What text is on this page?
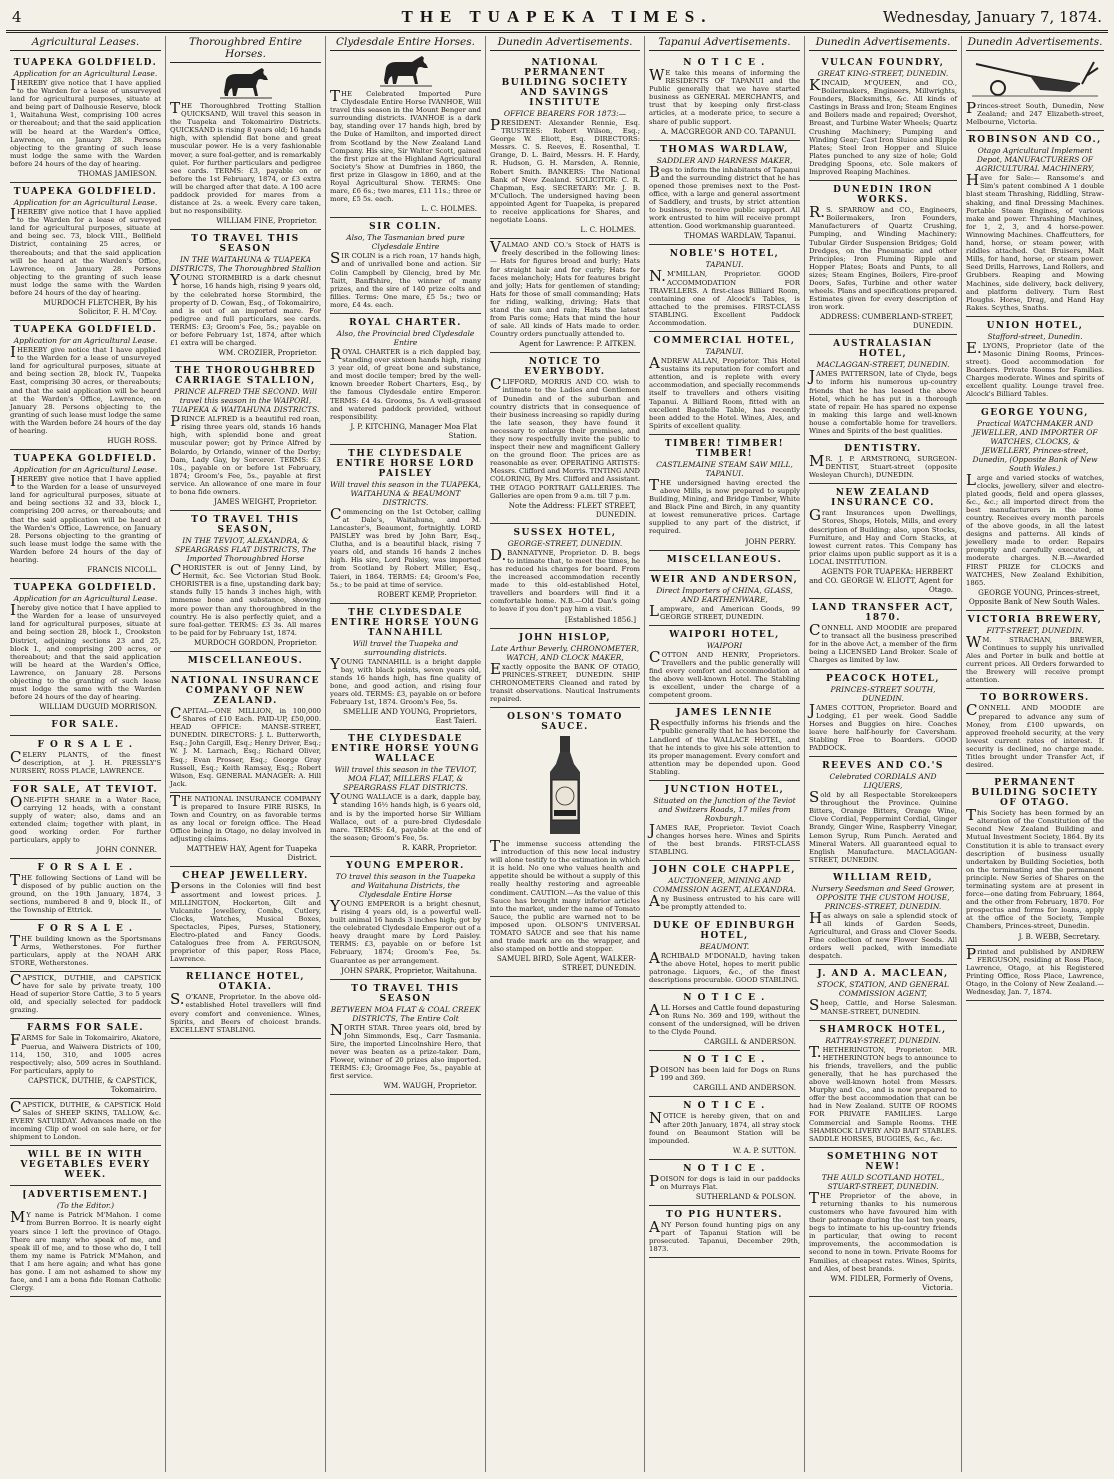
4	THE TUAPEKA TIMES.	Wednesday, January 7, 1874.
Agricultural Leases.
TUAPEKA GOLDFIELD.
Application for an Agricultural Lease.

IHEREBY give notice that I have applied to the Warden for a lease of unsurveyed land for agricultural purposes, situate at and being part of Dalhousie Reserve, block 1, Waitahuna West, comprising 100 acres or thereabout; and that the said application will be heard at the Warden's Office, Lawrence, on January 28. Persons objecting to the granting of such lease must lodge the same with the Warden before 24 hours of the day of hearing.

THOMAS JAMIESON.
TUAPEKA GOLDFIELD.
Application for an Agricultural Lease.

IHEREBY give notice that I have applied to the Warden for a lease of surveyed land for agricultural purposes, situate at and being sec. 73, block VIII., Bellfield District, containing 25 acres, or thereabouts; and that the said application will be heard at the Warden's Office, Lawrence, on January 28. Persons objecting to the granting of such lease must lodge the same with the Warden before 24 hours of the day of hearing.

MURDOCH FLETCHER, By his Solicitor, F. H. M'Coy.
TUAPEKA GOLDFIELD.
Application for an Agricultural Lease.

IHEREBY give notice that I have applied to the Warden for a lease of unsurveyed land for agricultural purposes, situate at and being section 28, block IV., Tuapeka East, comprising 30 acres, or thereabouts; and that the said application will be heard at the Warden's Office, Lawrence, on January 28. Persons objecting to the granting of such lease must lodge the same with the Warden before 24 hours of the day of hearing.

HUGH ROSS.
TUAPEKA GOLDFIELD.
Application for an Agricultural Lease.

IHEREBY give notice that I have applied to the Warden for a lease of unsurveyed land for agricultural purposes, situate at and being sections 32 and 33, block I., comprising 200 acres, or thereabouts; and that the said application will be heard at the Warden's Office, Lawrence, on January 28. Persons objecting to the granting of such lease must lodge the same with the Warden before 24 hours of the day of hearing.

FRANCIS NICOLL.
TUAPEKA GOLDFIELD.
Application for an Agricultural Lease.

Ihereby give notice that I have applied to the Warden for a lease of unsurveyed land for agricultural purposes, situate at and being section 28, block I., Crookston District, adjoining sections 23 and 25, block I., and comprising 200 acres, or thereabout; and that the said application will be heard at the Warden's Office, Lawrence, on January 28. Persons objecting to the granting of such lease must lodge the same with the Warden before 24 hours of the day of hearing.

WILLIAM DUGUID MORRISON.
FOR SALE.
F O R S A L E .

CELERY PLANTS, of the finest description, at J. H. PRESSLY'S NURSERY, ROSS PLACE, LAWRENCE.

FOR SALE, AT TEVIOT.

ONE-FIFTH SHARE in a Water Race, carrying 12 heads, with a constant supply of water; also, dams and an extended claim; together with plant, in good working order. For further particulars, apply to

JOHN CONNER.
F O R S A L E .

THE following Sections of Land will be disposed of by public auction on the ground, on the 19th January, 1874, 3 sections, numbered 8 and 9, block II., of the Township of Ettrick.

F O R S A L E .

THE building known as the Sportsmans Arms, Wetherstones. For further particulars, apply at the NOAH ARK STORE, Wetherstones.

CAPSTICK, DUTHIE, and CAPSTICK have for sale by private treaty, 100 Head of superior Store Cattle, 3 to 5 years old, and specially selected for paddock grazing.

FARMS FOR SALE.

FARMS for Sale in Tokomairiro, Akatore, Puerua, and Waiwera Districts of 100, 114, 150, 310, and 1005 acres respectively; also, 509 acres in Southland. For particulars, apply to

CAPSTICK, DUTHIE, & CAPSTICK, Tokomairiro.

CAPSTICK, DUTHIE, & CAPSTICK Hold Sales of SHEEP SKINS, TALLOW, &c. EVERY SATURDAY. Advances made on the incoming Clip of wool on sale here, or for shipment to London.

WILL BE IN WITH VEGETABLES EVERY WEEK.
[ADVERTISEMENT.]
(To the Editor.)

MY name is Patrick M'Mahon. I come from Burren Borroo. It is nearly eight years since I left the province of Otago. There are many who speak of me, and speak ill of me, and to those who do, I tell them my name is Patrick M'Mahon, and that I am here again; and what has gone has gone. I am not ashamed to show my face, and I am a bona fide Roman Catholic Clergy.

Thoroughbred Entire Horses.

THE Thoroughbred Trotting Stallion QUICKSAND, Will travel this season in the Tuapeka and Tokomairiro Districts. QUICKSAND is rising 8 years old; 16 hands high, with splendid flat bone and great muscular power. He is a very fashionable mover, a sure foal-getter, and is remarkably quiet. For further particulars and pedigree see cards. TERMS: £3, payable on or before the 1st February, 1874, or £3 extra will be charged after that date. A 100 acre paddock provided for mares from a distance at 2s. a week. Every care taken, but no responsibility.

WILLIAM FINE, Proprietor.
TO TRAVEL THIS SEASON
IN THE WAITAHUNA & TUAPEKA DISTRICTS, The Thoroughbred Stallion

YOUNG STORMBIRD is a dark chesnut horse, 16 hands high, rising 9 years old, by the celebrated horse Stormbird, the property of D. Cowan, Esq., of Tokomairiro, and is out of an imported mare. For pedigree and full particulars, see cards. TERMS: £3; Groom's Fee, 5s.; payable on or before February 1st, 1874, after which £1 extra will be charged.

WM. CROZIER, Proprietor.
THE THOROUGHBRED CARRIAGE STALLION,
PRINCE ALFRED THE SECOND. Will travel this season in the WAIPORI, TUAPEKA & WAITAHUNA DISTRICTS.

PRINCE ALFRED is a beautiful red roan, rising three years old, stands 16 hands high, with splendid bone and great muscular power; got by Prince Alfred by Bolardo, by Orlando, winner of the Derby; Dam, Lady Gay, by Sorcerer. TERMS: £3 10s., payable on or before 1st February, 1874; Groom's Fee, 5s., payable at first service. An allowance of one mare in four to bona fide owners.

JAMES WEIGHT, Proprietor.
TO TRAVEL THIS SEASON,
IN THE TEVIOT, ALEXANDRA, & SPEARGRASS FLAT DISTRICTS, The Imported Thoroughbred Horse

CHORISTER is out of Jenny Lind, by Hermit, &c. See Victorian Stud Book. CHORISTER is a fine, upstanding dark bay; stands fully 15 hands 3 inches high, with immense bone and substance, showing more power than any thoroughbred in the country. He is also perfectly quiet, and a sure foal-getter. TERMS: £3 3s. All mares to be paid for by February 1st, 1874.

MURDOCH GORDON, Proprietor.
MISCELLANEOUS.
NATIONAL INSURANCE COMPANY OF NEW ZEALAND.

CAPITAL—ONE MILLION, in 100,000 Shares of £10 Each. PAID-UP, £50,000. HEAD OFFICE: MANSE-STREET, DUNEDIN. DIRECTORS: J. L. Butterworth, Esq.; John Cargill, Esq.; Henry Driver, Esq.; W. J. M. Larnach, Esq.; Richard Oliver, Esq.; Evan Prosser, Esq.; George Gray Russell, Esq.; Keith Ramsay, Esq.; Robert Wilson, Esq. GENERAL MANAGER: A. Hill Jack.

THE NATIONAL INSURANCE COMPANY is prepared to Insure FIRE RISKS, In Town and Country, on as favorable terms as any local or foreign office. The Head Office being in Otago, no delay involved in adjusting claims.

MATTHEW HAY, Agent for Tuapeka District.
CHEAP JEWELLERY.

Persons in the Colonies will find best assortment and lowest prices. J. MILLINGTON, Hockerton, Gilt and Vulcanite Jewellery, Combs, Cutlery, Clocks, Watches, Musical Boxes, Spectacles, Pipes, Purses, Stationery, Electro-plated and Fancy Goods. Catalogues free from A. FERGUSON, proprietor of this paper, Ross Place, Lawrence.

RELIANCE HOTEL, OTAKIA.

S.O'KANE, Proprietor. In the above old-established Hotel travellers will find every comfort and convenience. Wines, Spirits, and Beers of choicest brands. EXCELLENT STABLING.

Clydesdale Entire Horses.

THE Celebrated Imported Pure Clydesdale Entire Horse IVANHOE, Will travel this season in the Mount Benger and surrounding districts. IVANHOE is a dark bay, standing over 17 hands high, bred by the Duke of Hamilton, and imported direct from Scotland by the New Zealand Land Company. His sire, Sir Walter Scott, gained the first prize at the Highland Agricultural Society's Show at Dumfries in 1860, the first prize in Glasgow in 1860, and at the Royal Agricultural Show. TERMS: One mare, £6 6s.; two mares, £11 11s.; three or more, £5 5s. each.

L. C. HOLMES.
SIR COLIN.
Also, The Tasmanian bred pure Clydesdale Entire

SIR COLIN is a rich roan, 17 hands high, and of unrivalled bone and action. Sir Colin Campbell by Glencig, bred by Mr. Taitt, Banffshire, the winner of many prizes, and the sire of 140 prize colts and fillies. Terms: One mare, £5 5s.; two or more, £4 4s. each.

ROYAL CHARTER.
Also, the Provincial bred Clydesdale Entire

ROYAL CHARTER is a rich dappled bay, standing over sixteen hands high, rising 3 year old, of great bone and substance, and most docile temper; bred by the well-known breeder Robert Charters, Esq., by the famous Clydesdale entire Emperor. TERMS: £4 4s. Grooms, 5s. A well-grassed and watered paddock provided, without responsibility.

J. P. KITCHING, Manager Moa Flat Station.
THE CLYDESDALE ENTIRE HORSE LORD PAISLEY
Will travel this season in the TUAPEKA, WAITAHUNA & BEAUMONT DISTRICTS.

Commencing on the 1st October, calling at Dale's, Waitahuna, and M. Lancaster's, Beaumont, fortnightly. LORD PAISLEY was bred by John Barr, Esq., Clutha, and is a beautiful black, rising 7 years old, and stands 16 hands 2 inches high. His sire, Lord Paisley, was imported from Scotland by Robert Miller, Esq., Taieri, in 1864. TERMS: £4; Groom's Fee, 5s.; to be paid at time of service.

ROBERT KEMP, Proprietor.
THE CLYDESDALE ENTIRE HORSE YOUNG TANNAHILL
Will travel the Tuapeka and surrounding districts.

YOUNG TANNAHILL is a bright dapple bay, with black points, seven years old, stands 16 hands high, has fine quality of bone, and good action, and rising four years old. TERMS: £3, payable on or before February 1st, 1874. Groom's Fee, 5s.

SMELLIE AND YOUNG, Proprietors, East Taieri.
THE CLYDESDALE ENTIRE HORSE YOUNG WALLACE
Will travel this season in the TEVIOT, MOA FLAT, MILLERS FLAT, & SPEARGRASS FLAT DISTRICTS.

YOUNG WALLACE is a dark, dapple bay, standing 16½ hands high, is 6 years old, and is by the imported horse Sir William Wallace, out of a pure-bred Clydesdale mare. TERMS: £4, payable at the end of the season; Groom's Fee, 5s.

R. KARR, Proprietor.
YOUNG EMPEROR.
TO travel this season in the Tuapeka and Waitahuna Districts, the Clydesdale Entire Horse

YOUNG EMPEROR is a bright chesnut, rising 4 years old, is a powerful well-built animal 16 hands 3 inches high; got by the celebrated Clydesdale Emperor out of a heavy draught mare by Lord Paisley. TERMS: £3, payable on or before 1st February, 1874; Groom's Fee, 5s. Guarantee as per arrangement.

JOHN SPARK, Proprietor, Waitahuna.
TO TRAVEL THIS SEASON
BETWEEN MOA FLAT & COAL CREEK DISTRICTS, The Entire Colt

NORTH STAR. Three years old, bred by John Simmonds, Esq., Carr Tasmania. Sire, the imported Lincolnshire Hero, that never was beaten as a prize-taker. Dam, Flower, winner of 20 prizes also imported. TERMS: £3; Groomage Fee, 5s., payable at first service.

WM. WAUGH, Proprietor.
Dunedin Advertisements.
NATIONAL PERMANENT BUILDING SOCIETY AND SAVINGS INSTITUTE
OFFICE BEARERS FOR 1873:—

PRESIDENT: Alexander Rennie, Esq. TRUSTEES: Robert Wilson, Esq.; George W. Eliott, Esq. DIRECTORS: Messrs. C. S. Reeves, E. Rosenthal, T. Grange, D. L. Baird, Messrs. H. F. Hardy, R. Hudson, G. H. Marsden, A. Rennie, Robert Smith. BANKERS: The National Bank of New Zealand. SOLICITOR: C. R. Chapman, Esq. SECRETARY: Mr. J. B. M'Culloch. The undersigned having been appointed Agent for Tuapeka, is prepared to receive applications for Shares, and negotiate Loans.

L. C. HOLMES.

VALMAO AND CO.'s Stock of HATS is freely described in the following lines:— Hats for figures broad and burly; Hats for straight hair and for curly; Hats for faces melancholy; Hats for features bright and jolly; Hats for gentlemen of standing; Hats for those of small commanding; Hats for riding, walking, driving; Hats that stand the sun and rain; Hats the latest from Paris come; Hats that mind the hour of sale. All kinds of Hats made to order. Country orders punctually attended to.

Agent for Lawrence: P. AITKEN.
NOTICE TO EVERYBODY.

CLIFFORD, MORRIS AND CO. wish to intimate to the Ladies and Gentlemen of Dunedin and of the suburban and country districts that in consequence of their business increasing so rapidly during the late season, they have found it necessary to enlarge their premises, and they now respectfully invite the public to inspect their new and magnificent Gallery on the ground floor. The prices are as reasonable as ever. OPERATING ARTISTS: Messrs. Clifford and Morris. TINTING AND COLORING, By Mrs. Clifford and Assistant. THE OTAGO PORTRAIT GALLERIES. The Galleries are open from 9 a.m. till 7 p.m.

Note the Address: FLEET STREET, DUNEDIN.
SUSSEX HOTEL,
GEORGE-STREET, DUNEDIN.

D.BANNATYNE, Proprietor. D. B. begs to intimate that, to meet the times, he has reduced his charges for board. From the increased accommodation recently made to this old-established Hotel, travellers and boarders will find it a comfortable home. N.B.—Old Dan's going to leave if you don't pay him a visit.

[Established 1856.]
JOHN HISLOP,
Late Arthur Beverly, CHRONOMETER, WATCH, AND CLOCK MAKER,

Exactly opposite the BANK OF OTAGO, PRINCES-STREET, DUNEDIN. SHIP CHRONOMETERS Cleaned and rated by transit observations. Nautical Instruments repaired.

OLSON'S TOMATO SAUCE.

The immense success attending the introduction of this new local industry will alone testify to the estimation in which it is held. No one who values health and appetite should be without a supply of this really healthy restoring and agreeable condiment. CAUTION.—As the value of this Sauce has brought many inferior articles into the market, under the name of Tomato Sauce, the public are warned not to be imposed upon. OLSON'S UNIVERSAL TOMATO SAUCE and see that his name and trade mark are on the wrapper, and also stamped on bottle and stopper.

SAMUEL BIRD, Sole Agent, WALKER-STREET, DUNEDIN.
Tapanui Advertisements.
N O T I C E .

WE take this means of informing the RESIDENTS OF TAPANUI and the Public generally that we have started business as GENERAL MERCHANTS, and trust that by keeping only first-class articles, at a moderate price, to secure a share of public support.

A. MACGREGOR AND CO. TAPANUI.
THOMAS WARDLAW,
SADDLER AND HARNESS MAKER,

Begs to inform the inhabitants of Tapanui and the surrounding district that he has opened those premises next to the Post-office, with a large and general assortment of Saddlery, and trusts, by strict attention to business, to receive public support. All work entrusted to him will receive prompt attention. Good workmanship guaranteed.

THOMAS WARDLAW, Tapanui.
NOBLE'S HOTEL,
TAPANUI.

N.M'MILLAN, Proprietor. GOOD ACCOMMODATION FOR TRAVELLERS. A first-class Billiard Room, containing one of Alcock's Tables, is attached to the premises. FIRST-CLASS STABLING. Excellent Paddock Accommodation.

COMMERCIAL HOTEL,
TAPANUI.

ANDREW ALLAN, Proprietor. This Hotel sustains its reputation for comfort and attention, and is replete with every accommodation, and specially recommends itself to travellers and others visiting Tapanui. A Billiard Room, fitted with an excellent Bagatelle Table, has recently been added to the Hotel. Wines, Ales, and Spirits of excellent quality.

TIMBER! TIMBER! TIMBER!
CASTLEMAINE STEAM SAW MILL, TAPANUI.

THE undersigned having erected the above Mills, is now prepared to supply Building, Mining, and Bridge Timber, White and Black Pine and Birch, in any quantity at lowest remunerative prices. Cartage supplied to any part of the district, if required.

JOHN PERRY.
MISCELLANEOUS.
WEIR AND ANDERSON,
Direct Importers of CHINA, GLASS, AND EARTHENWARE,

Lampware, and American Goods, 99 GEORGE STREET, DUNEDIN.

WAIPORI HOTEL,
WAIPORI

COTTON AND HENRY, Proprietors. Travellers and the public generally will find every comfort and accommodation at the above well-known Hotel. The Stabling is excellent, under the charge of a competent groom.

JAMES LENNIE

Respectfully informs his friends and the public generally that he has become the Landlord of the WALLACE HOTEL, and that he intends to give his sole attention to its proper management. Every comfort and attention may be depended upon. Good Stabling.

JUNCTION HOTEL,
Situated on the Junction of the Teviot and Switzers Roads, 17 miles from Roxburgh.

JAMES RAE, Proprietor. Teviot Coach changes horses here. Wines and Spirits of the best brands. FIRST-CLASS STABLING.

JOHN COLE CHAPPLE,
AUCTIONEER, MINING AND COMMISSION AGENT, ALEXANDRA.

Any Business entrusted to his care will be promptly attended to.

DUKE OF EDINBURGH HOTEL,
BEAUMONT.

ARCHIBALD M'DONALD, having taken the above Hotel, hopes to merit public patronage. Liquors, &c., of the finest descriptions procurable. GOOD STABLING.

N O T I C E .

ALL Horses and Cattle found depasturing on Runs No. 369 and 199, without the consent of the undersigned, will be driven to the Clyde Pound.

CARGILL & ANDERSON.
N O T I C E .

POISON has been laid for Dogs on Runs 199 and 369.

CARGILL AND ANDERSON.
N O T I C E .

NOTICE is hereby given, that on and after 20th January, 1874, all stray stock found on Beaumont Station will be impounded.

W. A. P. SUTTON.
N O T I C E .

POISON for dogs is laid in our paddocks on Murrays Flat.

SUTHERLAND & POLSON.
TO PIG HUNTERS.

ANY Person found hunting pigs on any part of Tapanui Station will be prosecuted. Tapanui, December 29th, 1873.

Dunedin Advertisements.
VULCAN FOUNDRY,
GREAT KING-STREET, DUNEDIN.

KINCAID, M'QUEEN, and CO., Boilermakers, Engineers, Millwrights, Founders, Blacksmiths, &c. All kinds of Castings in Brass and Iron; Steam Engines and Boilers made and repaired; Overshot, Breast, and Turbine Water Wheels; Quartz Crushing Machinery; Pumping and Winding Gear; Cast Iron Sluice and Ripple Plates; Steel Iron Hopper and Sluice Plates punched to any size of hole; Gold Dredging Spoons, etc. Sole makers of Improved Reaping Machines.

DUNEDIN IRON WORKS.

R.S. SPARROW and CO., Engineers, Boilermakers, Iron Founders, Manufacturers of Quartz Crushing, Pumping, and Winding Machinery; Tubular Girder Suspension Bridges; Gold Dredges, on the Pneumatic and other Principles; Iron Fluming Ripple and Hopper Plates; Boats and Punts, to all sizes; Steam Engines, Boilers, Fire-proof Doors, Safes, Turbine and other water wheels. Plans and specifications prepared. Estimates given for every description of iron work.

ADDRESS: CUMBERLAND-STREET, DUNEDIN.
AUSTRALASIAN HOTEL,
MACLAGGAN-STREET, DUNEDIN.

JAMES PATTERSON, late of Clyde, begs to inform his numerous up-country friends that he has leased the above Hotel, which he has put in a thorough state of repair. He has spared no expense in making this large and well-known house a comfortable home for travellers. Wines and Spirits of the best qualities.

DENTISTRY.

MR. J. P. ARMSTRONG, SURGEON-DENTIST, Stuart-street (opposite Wesleyan Church), DUNEDIN.

NEW ZEALAND INSURANCE CO.

Grant Insurances upon Dwellings, Stores, Shops, Hotels, Mills, and every description of Building; also, upon Stocks, Furniture, and Hay and Corn Stacks, at lowest current rates. This Company has prior claims upon public support as it is a LOCAL INSTITUTION.

AGENTS FOR TUAPEKA: HERBERT and CO. GEORGE W. ELIOTT, Agent for Otago.
LAND TRANSFER ACT, 1870.

CONNELL AND MOODIE are prepared to transact all the business prescribed for in the above Act, a member of the firm being a LICENSED Land Broker. Scale of Charges as limited by law.

PEACOCK HOTEL,
PRINCES-STREET SOUTH, DUNEDIN.

JAMES COTTON, Proprietor. Board and Lodging, £1 per week. Good Saddle Horses and Buggies on hire. Coaches leave here half-hourly for Caversham. Stabling Free to Boarders. GOOD PADDOCK.

REEVES AND CO.'S
Celebrated CORDIALS AND LIQUERS,

Sold by all Respectable Storekeepers throughout the Province. Quinine Bitters, Orange Bitters, Orange Wine, Clove Cordial, Peppermint Cordial, Ginger Brandy, Ginger Wine, Raspberry Vinegar, Lemon Syrup, Rum Punch. Aerated and Mineral Waters. All guaranteed equal to English Manufacture. MACLAGGAN-STREET, DUNEDIN.

WILLIAM REID,
Nursery Seedsman and Seed Grower, OPPOSITE THE CUSTOM HOUSE, PRINCES-STREET, DUNEDIN.

Has always on sale a splendid stock of all kinds of Garden Seeds, Agricultural, and Grass and Clover Seeds. Fine collection of new Flower Seeds. All orders well packed, with immediate despatch.

J. AND A. MACLEAN,
STOCK, STATION, AND GENERAL COMMISSION AGENT,

Sheep, Cattle, and Horse Salesman. MANSE-STREET, DUNEDIN.

SHAMROCK HOTEL,
RATTRAY-STREET, DUNEDIN.

T.HETHERINGTON, Proprietor. MR. HETHERINGTON begs to announce to his friends, travellers, and the public generally, that he has purchased the above well-known hotel from Messrs. Murphy and Co., and is now prepared to offer the best accommodation that can be had in New Zealand. SUITE OF ROOMS FOR PRIVATE FAMILIES. Large Commercial and Sample Rooms. THE SHAMROCK LIVERY AND BAIT STABLES. SADDLE HORSES, BUGGIES, &c., &c.

SOMETHING NOT NEW!
THE AULD SCOTLAND HOTEL, STUART-STREET, DUNEDIN.

THE Proprietor of the above, in returning thanks to his numerous customers who have favoured him with their patronage during the last ten years, begs to intimate to his up-country friends in particular, that owing to recent improvements, the accommodation is second to none in town. Private Rooms for Families, at cheapest rates. Wines, Spirits, and Ales, of best brands.

WM. FIDLER, Formerly of Ovens, Victoria.
Dunedin Advertisements.

Princes-street South, Dunedin, New Zealand; and 247 Elizabeth-street, Melbourne, Victoria.

ROBINSON AND CO.,
Otago Agricultural Implement Depot, MANUFACTURERS OF AGRICULTURAL MACHINERY,

Have for Sale:— Ransome's and Sim's patent combined A 1 double blast steam Thrashing, Riddling, Straw-shaking, and final Dressing Machines. Portable Steam Engines, of various make and power. Thrashing Machines, for 1, 2, 3, and 4 horse-power. Winnowing Machines. Chaffcutters, for hand, horse, or steam power, with riddles attached. Oat Bruisers, Malt Mills, for hand, horse, or steam power. Seed Drills, Harrows, Land Rollers, and Grubbers. Reaping and Mowing Machines, side delivery, back delivery, and platform delivery. Turn Rest Ploughs. Horse, Drag, and Hand Hay Rakes. Scythes, Snaths.

UNION HOTEL,
Stafford-street, Dunedin.

E.LYONS, Proprietor (late of the Masonic Dining Rooms, Princes-street). Good accommodation for Boarders. Private Rooms for Families. Charges moderate. Wines and spirits of excellent quality. Lounge travel free. Alcock's Billiard Tables.

GEORGE YOUNG,
Practical WATCHMAKER AND JEWELLER, AND IMPORTER OF WATCHES, CLOCKS, & JEWELLERY, Princes-street, Dunedin, (Opposite Bank of New South Wales.)

Large and varied stocks of watches, clocks, jewellery, silver and electro-plated goods, field and opera glasses, &c., &c.; all imported direct from the best manufacturers in the home country. Receives every month parcels of the above goods, in all the latest designs and patterns. All kinds of jewellery made to order. Repairs promptly and carefully executed, at moderate charges. N.B.—Awarded FIRST PRIZE for CLOCKS and WATCHES, New Zealand Exhibition, 1865.

GEORGE YOUNG, Princes-street, Opposite Bank of New South Wales.
VICTORIA BREWERY,
FITT-STREET, DUNEDIN.

WM. STRACHAN, BREWER, Continues to supply his unrivalled Ales and Porter in bulk and bottle at current prices. All Orders forwarded to the Brewery will receive prompt attention.

TO BORROWERS.

CONNELL AND MOODIE are prepared to advance any sum of Money, from £100 upwards, on approved freehold security, at the very lowest current rates of interest. If security is declined, no charge made. Titles brought under Transfer Act, if desired.

PERMANENT BUILDING SOCIETY OF OTAGO.

This Society has been formed by an alteration of the Constitution of the Second New Zealand Building and Mutual Investment Society, 1864. By its Constitution it is able to transact every description of business usually undertaken by Building Societies, both on the terminating and the permanent principle. New Series of Shares on the terminating system are at present in force—one dating from February, 1864, and the other from February, 1870. For prospectus and forms for loans, apply at the office of the Society, Temple Chambers, Princes-street, Dunedin.

J. B. WEBB, Secretary.

Printed and published by ANDREW FERGUSON, residing at Ross Place, Lawrence, Otago, at his Registered Printing Office, Ross Place, Lawrence, Otago, in the Colony of New Zealand.—Wednesday, Jan. 7, 1874.
